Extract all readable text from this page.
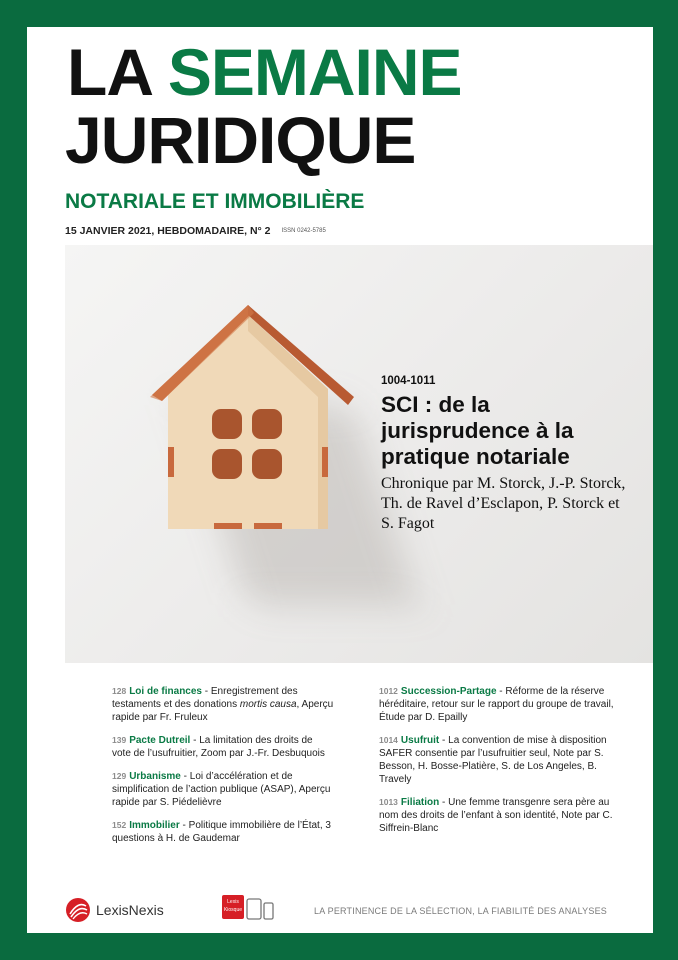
LA SEMAINE
JURIDIQUE
NOTARIALE ET IMMOBILIÈRE
15 JANVIER 2021, HEBDOMADAIRE, N° 2 ISSN 0242-5785
1004-1011
SCI : de la jurisprudence à la pratique notariale
Chronique par M. Storck, J.-P. Storck, Th. de Ravel d’Esclapon, P. Storck et S. Fagot
128 Loi de finances - Enregistrement des testaments et des donations mortis causa, Aperçu rapide par Fr. Fruleux
139 Pacte Dutreil - La limitation des droits de vote de l’usufruitier, Zoom par J.-Fr. Desbuquois
129 Urbanisme - Loi d’accélération et de simplification de l’action publique (ASAP), Aperçu rapide par S. Piédelièvre
152 Immobilier - Politique immobilière de l’État, 3 questions à H. de Gaudemar
1012 Succession-Partage - Réforme de la réserve héréditaire, retour sur le rapport du groupe de travail, Étude par D. Epailly
1014 Usufruit - La convention de mise à disposition SAFER consentie par l’usufruitier seul, Note par S. Besson, H. Bosse-Platière, S. de Los Angeles, B. Travely
1013 Filiation - Une femme transgenre sera père au nom des droits de l’enfant à son identité, Note par C. Siffrein-Blanc
LexisNexis	Lexis
Kiosque	LA PERTINENCE DE LA SÉLECTION, LA FIABILITÉ DES ANALYSES
